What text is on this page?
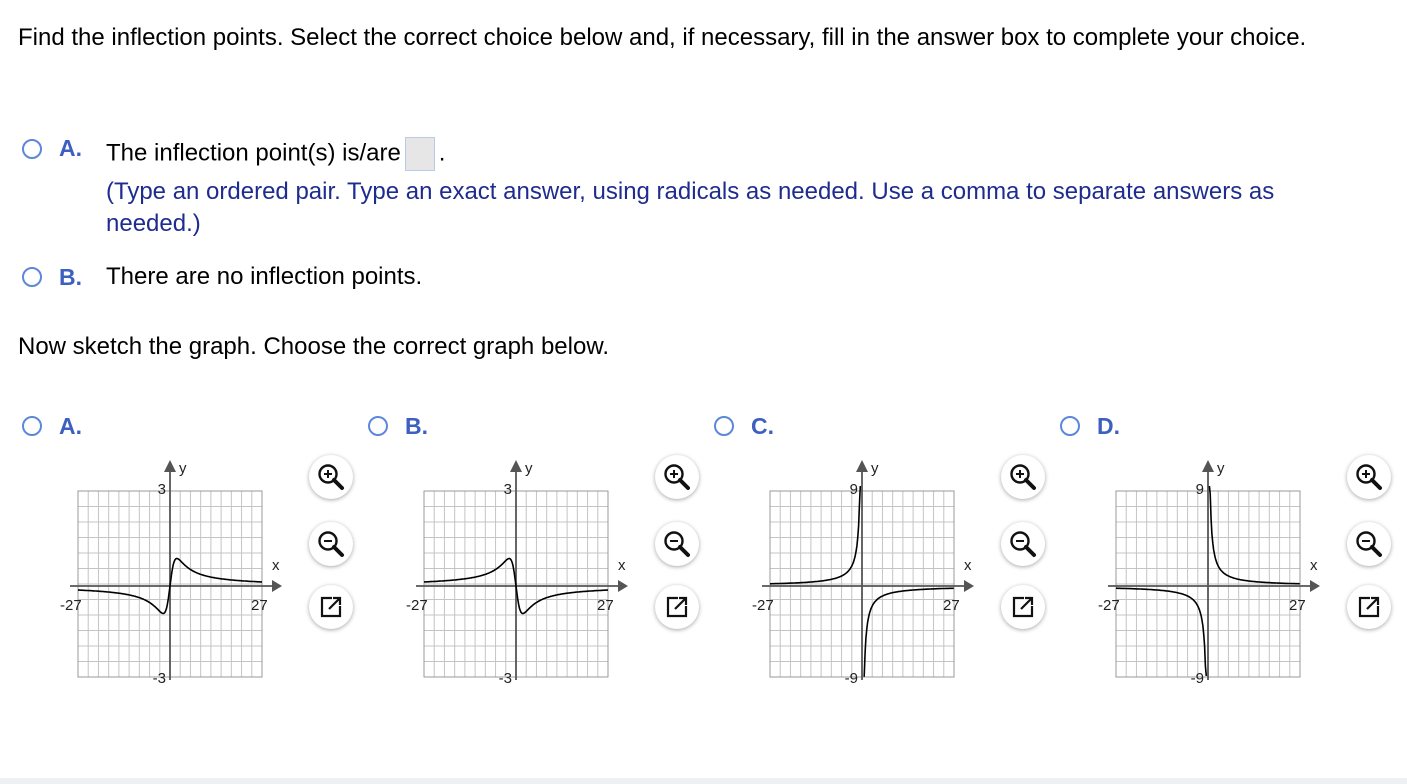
Find the inflection points. Select the correct choice below and, if necessary, fill in the answer box to complete your choice.
A. The inflection point(s) is/are .
(Type an ordered pair. Type an exact answer, using radicals as needed. Use a comma to separate answers as needed.)
B. There are no inflection points.
Now sketch the graph. Choose the correct graph below.
A.
y
x
3
-3
-27	27
B.
y
x
3
-3
-27	27
C.
y
x
9
-9
-27	27
D.
y
x
9
-9
-27	27
